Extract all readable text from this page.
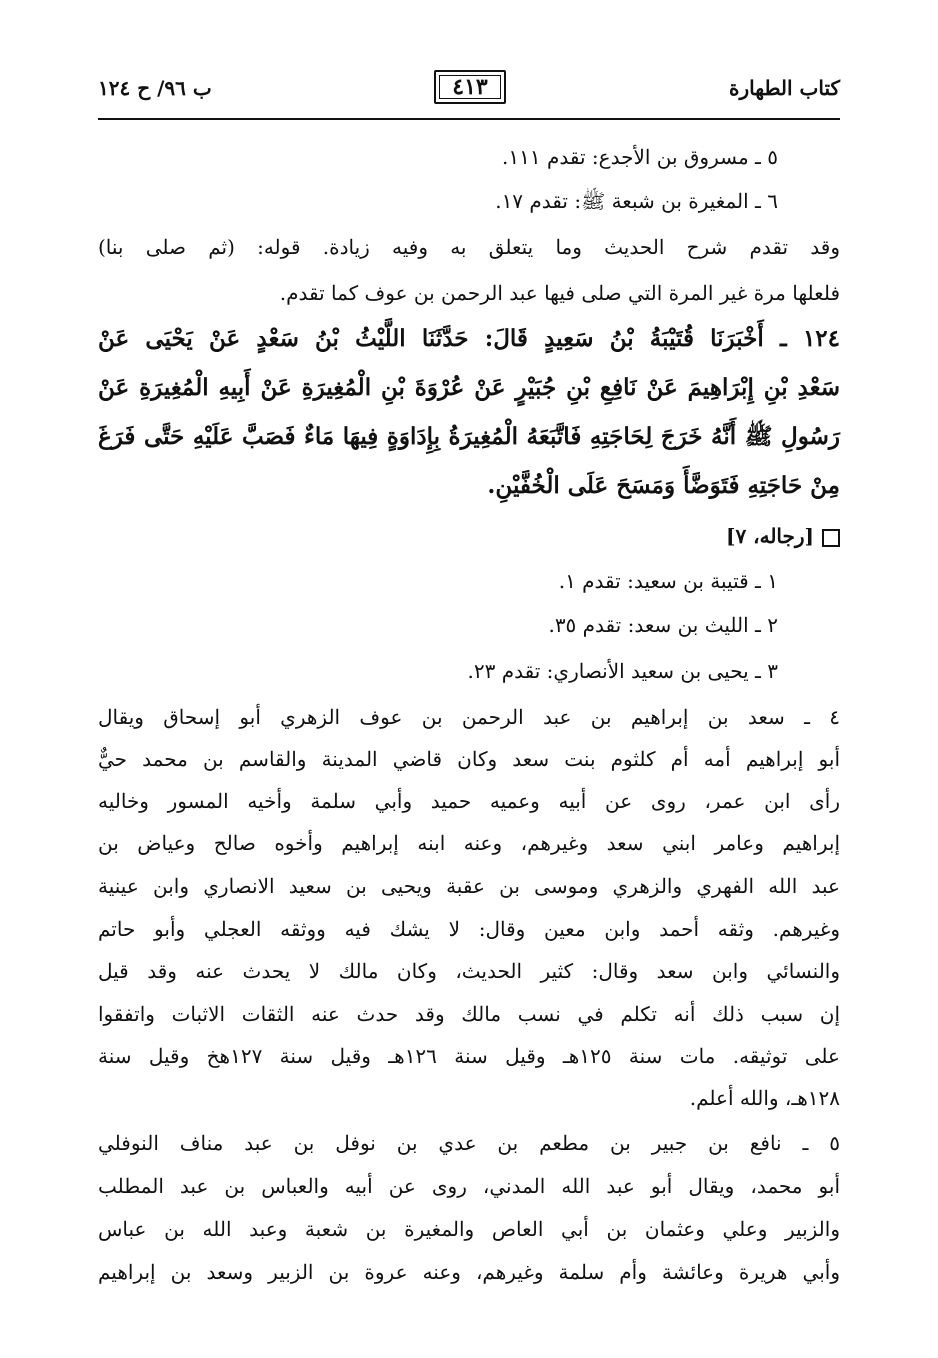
كتاب الطهارة
٤١٣
ب ٩٦/ ح ١٢٤
٥ ـ مسروق بن الأجدع: تقدم ١١١.
٦ ـ المغيرة بن شبعة ﷺ: تقدم ١٧.
وقد تقدم شرح الحديث وما يتعلق به وفيه زيادة. قوله: (ثم صلى بنا)
فلعلها مرة غير المرة التي صلى فيها عبد الرحمن بن عوف كما تقدم.
١٢٤ ـ أَخْبَرَنَا قُتَيْبَةُ بْنُ سَعِيدٍ قَالَ: حَدَّثَنَا اللَّيْثُ بْنُ سَعْدٍ عَنْ يَحْيَى عَنْ
سَعْدِ بْنِ إِبْرَاهِيمَ عَنْ نَافِعِ بْنِ جُبَيْرٍ عَنْ عُرْوَةَ بْنِ الْمُغِيرَةِ عَنْ أَبِيهِ الْمُغِيرَةِ عَنْ
رَسُولِ ﷺ أَنَّهُ خَرَجَ لِحَاجَتِهِ فَاتَّبَعَهُ الْمُغِيرَةُ بِإِدَاوَةٍ فِيهَا مَاءٌ فَصَبَّ عَلَيْهِ حَتَّى فَرَغَ
مِنْ حَاجَتِهِ فَتَوَضَّأَ وَمَسَحَ عَلَى الْخُفَّيْنِ.
[رجاله، ٧]
١ ـ قتيبة بن سعيد: تقدم ١.
٢ ـ الليث بن سعد: تقدم ٣٥.
٣ ـ يحيى بن سعيد الأنصاري: تقدم ٢٣.
٤ ـ سعد بن إبراهيم بن عبد الرحمن بن عوف الزهري أبو إسحاق ويقال
أبو إبراهيم أمه أم كلثوم بنت سعد وكان قاضي المدينة والقاسم بن محمد حيٌّ
رأى ابن عمر، روى عن أبيه وعميه حميد وأبي سلمة وأخيه المسور وخاليه
إبراهيم وعامر ابني سعد وغيرهم، وعنه ابنه إبراهيم وأخوه صالح وعياض بن
عبد الله الفهري والزهري وموسى بن عقبة ويحيى بن سعيد الانصاري وابن عينية
وغيرهم. وثقه أحمد وابن معين وقال: لا يشك فيه ووثقه العجلي وأبو حاتم
والنسائي وابن سعد وقال: كثير الحديث، وكان مالك لا يحدث عنه وقد قيل
إن سبب ذلك أنه تكلم في نسب مالك وقد حدث عنه الثقات الاثبات واتفقوا
على توثيقه. مات سنة ١٢٥هـ وقيل سنة ١٢٦هـ وقيل سنة ١٢٧هخ وقيل سنة
١٢٨هـ، والله أعلم.
٥ ـ نافع بن جبير بن مطعم بن عدي بن نوفل بن عبد مناف النوفلي
أبو محمد، ويقال أبو عبد الله المدني، روى عن أبيه والعباس بن عبد المطلب
والزبير وعلي وعثمان بن أبي العاص والمغيرة بن شعبة وعبد الله بن عباس
وأبي هريرة وعائشة وأم سلمة وغيرهم، وعنه عروة بن الزبير وسعد بن إبراهيم
